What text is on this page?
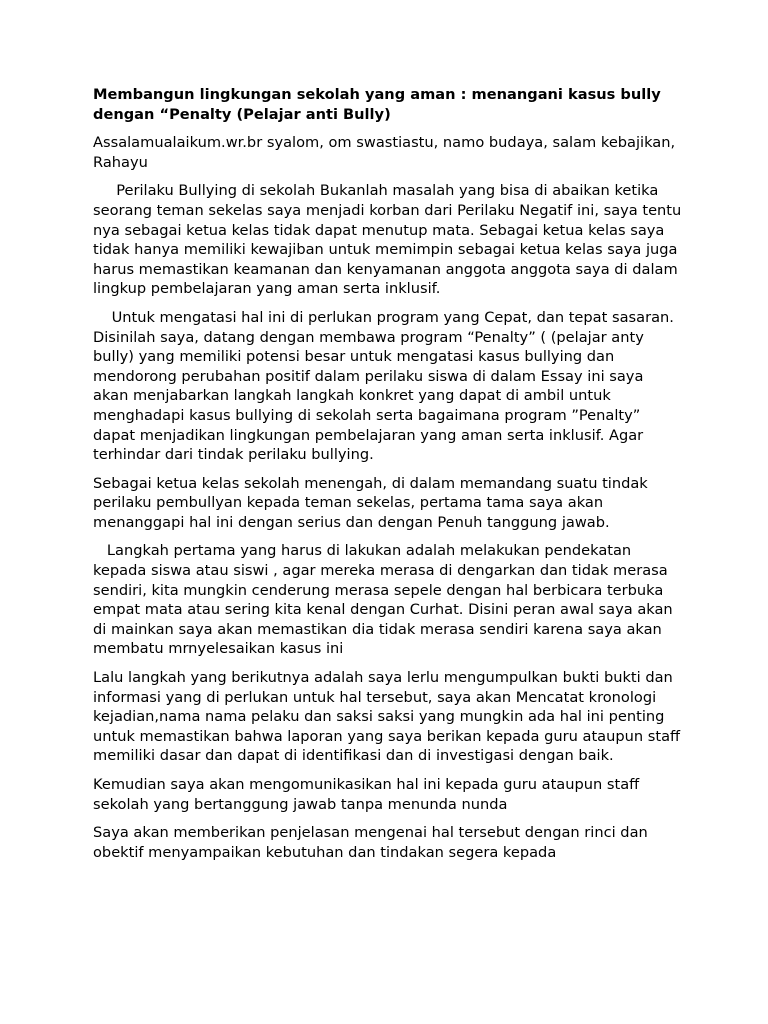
Membangun lingkungan sekolah yang aman : menangani kasus bully dengan “Penalty (Pelajar anti Bully)
Assalamualaikum.wr.br syalom, om swastiastu, namo budaya, salam kebajikan, Rahayu
Perilaku Bullying di sekolah Bukanlah masalah yang bisa di abaikan ketika seorang teman sekelas saya menjadi korban dari Perilaku Negatif ini, saya tentu nya sebagai ketua kelas tidak dapat menutup mata. Sebagai ketua kelas saya tidak hanya memiliki kewajiban untuk memimpin sebagai ketua kelas saya juga harus memastikan keamanan dan kenyamanan anggota anggota saya di dalam lingkup pembelajaran yang aman serta inklusif.
Untuk mengatasi hal ini di perlukan program yang Cepat, dan tepat sasaran. Disinilah saya, datang dengan membawa program “Penalty” ( (pelajar anty bully) yang memiliki potensi besar untuk mengatasi kasus bullying dan mendorong perubahan positif dalam perilaku siswa di dalam Essay ini saya akan menjabarkan langkah langkah konkret yang dapat di ambil untuk menghadapi kasus bullying di sekolah serta bagaimana program ”Penalty” dapat menjadikan lingkungan pembelajaran yang aman serta inklusif. Agar terhindar dari tindak perilaku bullying.
Sebagai ketua kelas sekolah menengah, di dalam memandang suatu tindak perilaku pembullyan kepada teman sekelas, pertama tama saya akan menanggapi hal ini dengan serius dan dengan Penuh tanggung jawab.
Langkah pertama yang harus di lakukan adalah melakukan pendekatan kepada siswa atau siswi , agar mereka merasa di dengarkan dan tidak merasa sendiri, kita mungkin cenderung merasa sepele dengan hal berbicara terbuka empat mata atau sering kita kenal dengan Curhat. Disini peran awal saya akan di mainkan saya akan memastikan dia tidak merasa sendiri karena saya akan membatu mrnyelesaikan kasus ini
Lalu langkah yang berikutnya adalah saya lerlu mengumpulkan bukti bukti dan informasi yang di perlukan untuk hal tersebut, saya akan Mencatat kronologi kejadian,nama nama pelaku dan saksi saksi yang mungkin ada hal ini penting untuk memastikan bahwa laporan yang saya berikan kepada guru ataupun staff memiliki dasar dan dapat di identifikasi dan di investigasi dengan baik.
Kemudian saya akan mengomunikasikan hal ini kepada guru ataupun staff sekolah yang bertanggung jawab tanpa menunda nunda
Saya akan memberikan penjelasan mengenai hal tersebut dengan rinci dan obektif menyampaikan kebutuhan dan tindakan segera kepada
